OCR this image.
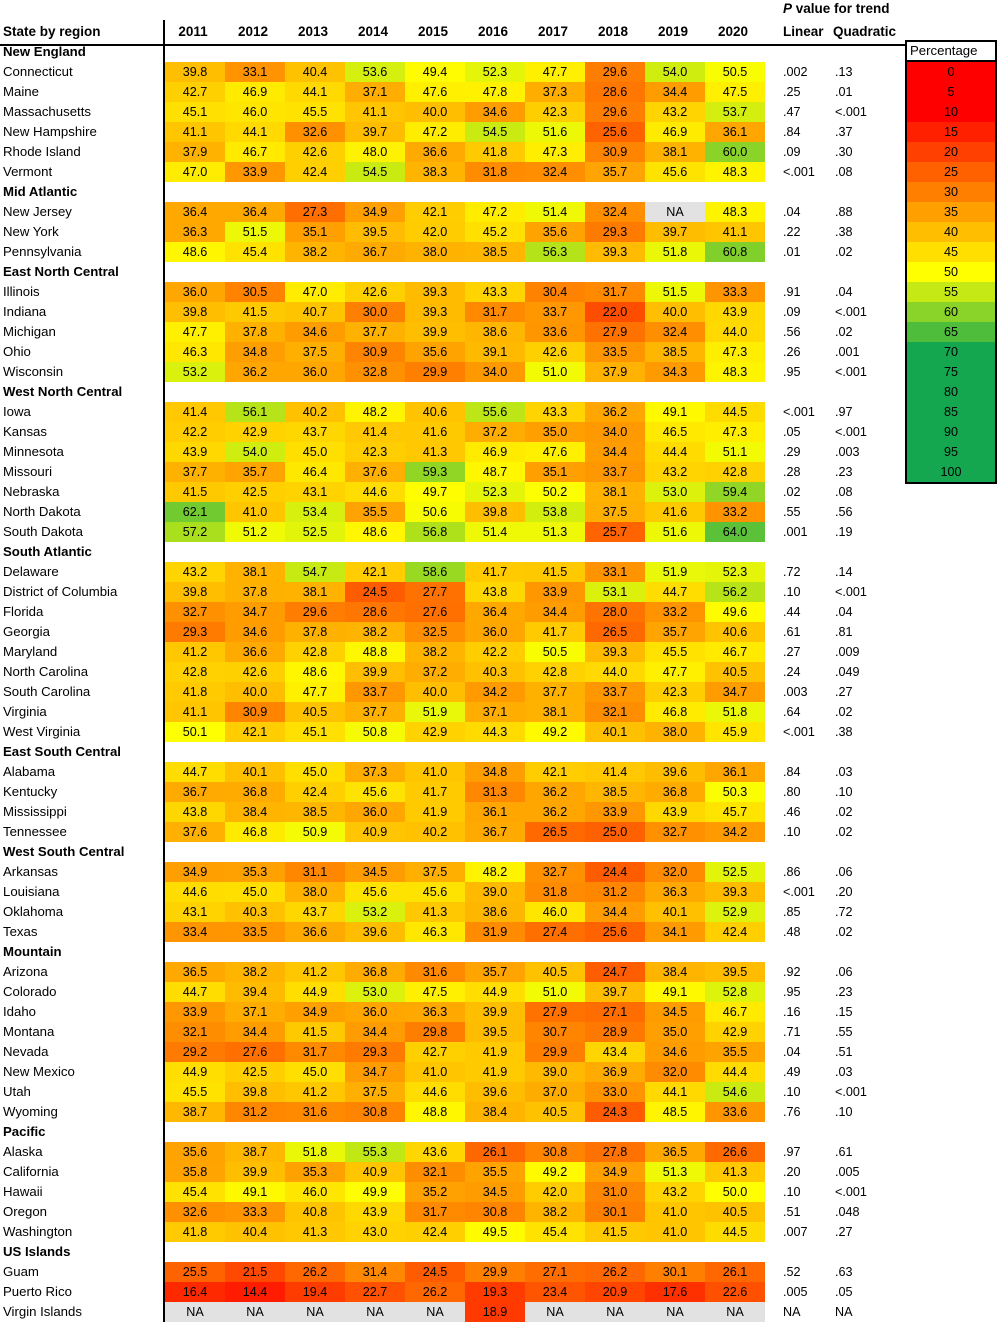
P value for trend
State by region	2011	2012	2013	2014	2015	2016	2017	2018	2019	2020	Linear Quadratic
New England
Connecticut	39.8	33.1	40.4	53.6	49.4	52.3	47.7	29.6	54.0	50.5	.002 .13
Maine	42.7	46.9	44.1	37.1	47.6	47.8	37.3	28.6	34.4	47.5	.25	.01
Massachusetts	45.1	46.0	45.5	41.1	40.0	34.6	42.3	29.6	43.2	53.7	.47	<.001
New Hampshire	41.1	44.1	32.6	39.7	47.2	54.5	51.6	25.6	46.9	36.1	.84	.37
Rhode Island	37.9	46.7	42.6	48.0	36.6	41.8	47.3	30.9	38.1	60.0	.09	.30
Vermont	47.0	33.9	42.4	54.5	38.3	31.8	32.4	35.7	45.6	48.3	<.001 .08
Mid Atlantic
New Jersey	36.4	36.4	27.3	34.9	42.1	47.2	51.4	32.4	NA	48.3	.04	.88
New York	36.3	51.5	35.1	39.5	42.0	45.2	35.6	29.3	39.7	41.1	.22	.38
Pennsylvania	48.6	45.4	38.2	36.7	38.0	38.5	56.3	39.3	51.8	60.8	.01	.02
East North Central
Illinois	36.0	30.5	47.0	42.6	39.3	43.3	30.4	31.7	51.5	33.3	.91	.04
Indiana	39.8	41.5	40.7	30.0	39.3	31.7	33.7	22.0	40.0	43.9	.09	<.001
Michigan	47.7	37.8	34.6	37.7	39.9	38.6	33.6	27.9	32.4	44.0	.56	.02
Ohio	46.3	34.8	37.5	30.9	35.6	39.1	42.6	33.5	38.5	47.3	.26	.001
Wisconsin	53.2	36.2	36.0	32.8	29.9	34.0	51.0	37.9	34.3	48.3	.95	<.001
West North Central
Iowa	41.4	56.1	40.2	48.2	40.6	55.6	43.3	36.2	49.1	44.5	<.001 .97
Kansas	42.2	42.9	43.7	41.4	41.6	37.2	35.0	34.0	46.5	47.3	.05	<.001
Minnesota	43.9	54.0	45.0	42.3	41.3	46.9	47.6	34.4	44.4	51.1	.29	.003
Missouri	37.7	35.7	46.4	37.6	59.3	48.7	35.1	33.7	43.2	42.8	.28	.23
Nebraska	41.5	42.5	43.1	44.6	49.7	52.3	50.2	38.1	53.0	59.4	.02	.08
North Dakota	62.1	41.0	53.4	35.5	50.6	39.8	53.8	37.5	41.6	33.2	.55	.56
South Dakota	57.2	51.2	52.5	48.6	56.8	51.4	51.3	25.7	51.6	64.0	.001 .19
South Atlantic
Delaware	43.2	38.1	54.7	42.1	58.6	41.7	41.5	33.1	51.9	52.3	.72	.14
District of Columbia	39.8	37.8	38.1	24.5	27.7	43.8	33.9	53.1	44.7	56.2	.10	<.001
Florida	32.7	34.7	29.6	28.6	27.6	36.4	34.4	28.0	33.2	49.6	.44	.04
Georgia	29.3	34.6	37.8	38.2	32.5	36.0	41.7	26.5	35.7	40.6	.61	.81
Maryland	41.2	36.6	42.8	48.8	38.2	42.2	50.5	39.3	45.5	46.7	.27	.009
North Carolina	42.8	42.6	48.6	39.9	37.2	40.3	42.8	44.0	47.7	40.5	.24	.049
South Carolina	41.8	40.0	47.7	33.7	40.0	34.2	37.7	33.7	42.3	34.7	.003 .27
Virginia	41.1	30.9	40.5	37.7	51.9	37.1	38.1	32.1	46.8	51.8	.64	.02
West Virginia	50.1	42.1	45.1	50.8	42.9	44.3	49.2	40.1	38.0	45.9	<.001 .38
East South Central
Alabama	44.7	40.1	45.0	37.3	41.0	34.8	42.1	41.4	39.6	36.1	.84	.03
Kentucky	36.7	36.8	42.4	45.6	41.7	31.3	36.2	38.5	36.8	50.3	.80	.10
Mississippi	43.8	38.4	38.5	36.0	41.9	36.1	36.2	33.9	43.9	45.7	.46	.02
Tennessee	37.6	46.8	50.9	40.9	40.2	36.7	26.5	25.0	32.7	34.2	.10	.02
West South Central
Arkansas	34.9	35.3	31.1	34.5	37.5	48.2	32.7	24.4	32.0	52.5	.86	.06
Louisiana	44.6	45.0	38.0	45.6	45.6	39.0	31.8	31.2	36.3	39.3	<.001 .20
Oklahoma	43.1	40.3	43.7	53.2	41.3	38.6	46.0	34.4	40.1	52.9	.85	.72
Texas	33.4	33.5	36.6	39.6	46.3	31.9	27.4	25.6	34.1	42.4	.48	.02
Mountain
Arizona	36.5	38.2	41.2	36.8	31.6	35.7	40.5	24.7	38.4	39.5	.92	.06
Colorado	44.7	39.4	44.9	53.0	47.5	44.9	51.0	39.7	49.1	52.8	.95	.23
Idaho	33.9	37.1	34.9	36.0	36.3	39.9	27.9	27.1	34.5	46.7	.16	.15
Montana	32.1	34.4	41.5	34.4	29.8	39.5	30.7	28.9	35.0	42.9	.71	.55
Nevada	29.2	27.6	31.7	29.3	42.7	41.9	29.9	43.4	34.6	35.5	.04	.51
New Mexico	44.9	42.5	45.0	34.7	41.0	41.9	39.0	36.9	32.0	44.4	.49	.03
Utah	45.5	39.8	41.2	37.5	44.6	39.6	37.0	33.0	44.1	54.6	.10	<.001
Wyoming	38.7	31.2	31.6	30.8	48.8	38.4	40.5	24.3	48.5	33.6	.76	.10
Pacific
Alaska	35.6	38.7	51.8	55.3	43.6	26.1	30.8	27.8	36.5	26.6	.97	.61
California	35.8	39.9	35.3	40.9	32.1	35.5	49.2	34.9	51.3	41.3	.20	.005
Hawaii	45.4	49.1	46.0	49.9	35.2	34.5	42.0	31.0	43.2	50.0	.10	<.001
Oregon	32.6	33.3	40.8	43.9	31.7	30.8	38.2	30.1	41.0	40.5	.51	.048
Washington	41.8	40.4	41.3	43.0	42.4	49.5	45.4	41.5	41.0	44.5	.007 .27
US Islands
Guam	25.5	21.5	26.2	31.4	24.5	29.9	27.1	26.2	30.1	26.1	.52	.63
Puerto Rico	16.4	14.4	19.4	22.7	26.2	19.3	23.4	20.9	17.6	22.6	.005 .05
Virgin Islands	NA	NA	NA	NA	NA	18.9	NA	NA	NA	NA	NA	NA
Percentage
0
5
10
15
20
25
30
35
40
45
50
55
60
65
70
75
80
85
90
95
100
